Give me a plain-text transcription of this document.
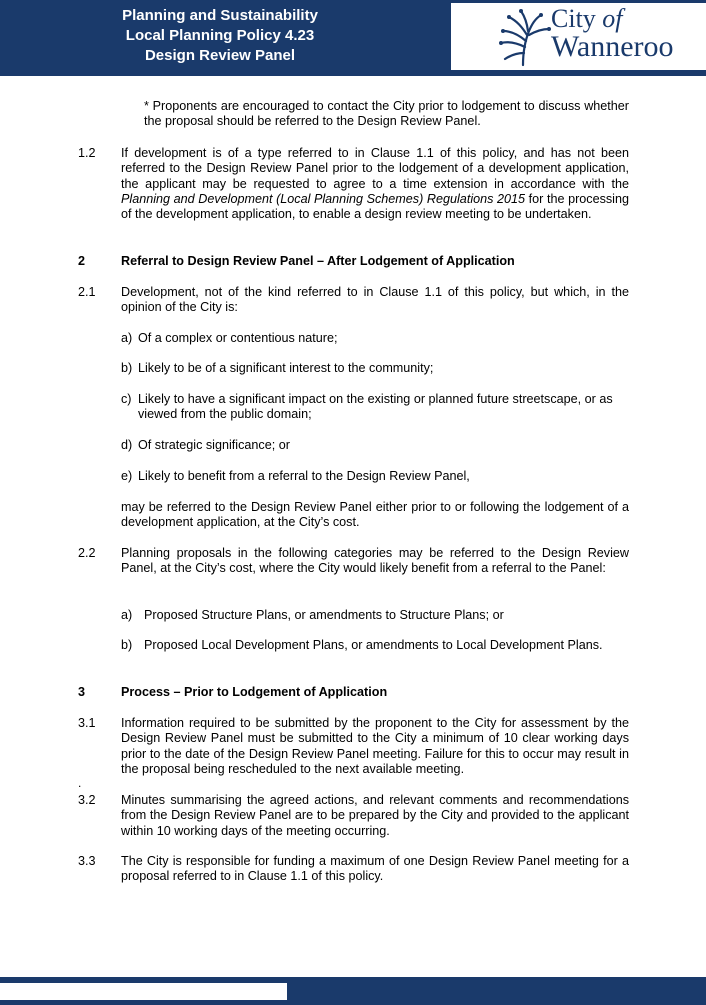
Planning and Sustainability
Local Planning Policy 4.23
Design Review Panel
City of
Wanneroo
* Proponents are encouraged to contact the City prior to lodgement to discuss whether the proposal should be referred to the Design Review Panel.
1.2 If development is of a type referred to in Clause 1.1 of this policy, and has not been referred to the Design Review Panel prior to the lodgement of a development application, the applicant may be requested to agree to a time extension in accordance with the Planning and Development (Local Planning Schemes) Regulations 2015 for the processing of the development application, to enable a design review meeting to be undertaken.
2	Referral to Design Review Panel – After Lodgement of Application
2.1 Development, not of the kind referred to in Clause 1.1 of this policy, but which, in the opinion of the City is:
a) Of a complex or contentious nature;
b) Likely to be of a significant interest to the community;
c) Likely to have a significant impact on the existing or planned future streetscape, or as viewed from the public domain;
d) Of strategic significance; or
e) Likely to benefit from a referral to the Design Review Panel,
may be referred to the Design Review Panel either prior to or following the lodgement of a development application, at the City’s cost.
2.2 Planning proposals in the following categories may be referred to the Design Review Panel, at the City’s cost, where the City would likely benefit from a referral to the Panel:
a) Proposed Structure Plans, or amendments to Structure Plans; or
b) Proposed Local Development Plans, or amendments to Local Development Plans.
3	Process – Prior to Lodgement of Application
3.1 Information required to be submitted by the proponent to the City for assessment by the Design Review Panel must be submitted to the City a minimum of 10 clear working days prior to the date of the Design Review Panel meeting. Failure for this to occur may result in the proposal being rescheduled to the next available meeting.
.
3.2 Minutes summarising the agreed actions, and relevant comments and recommendations from the Design Review Panel are to be prepared by the City and provided to the applicant within 10 working days of the meeting occurring.
3.3 The City is responsible for funding a maximum of one Design Review Panel meeting for a proposal referred to in Clause 1.1 of this policy.
